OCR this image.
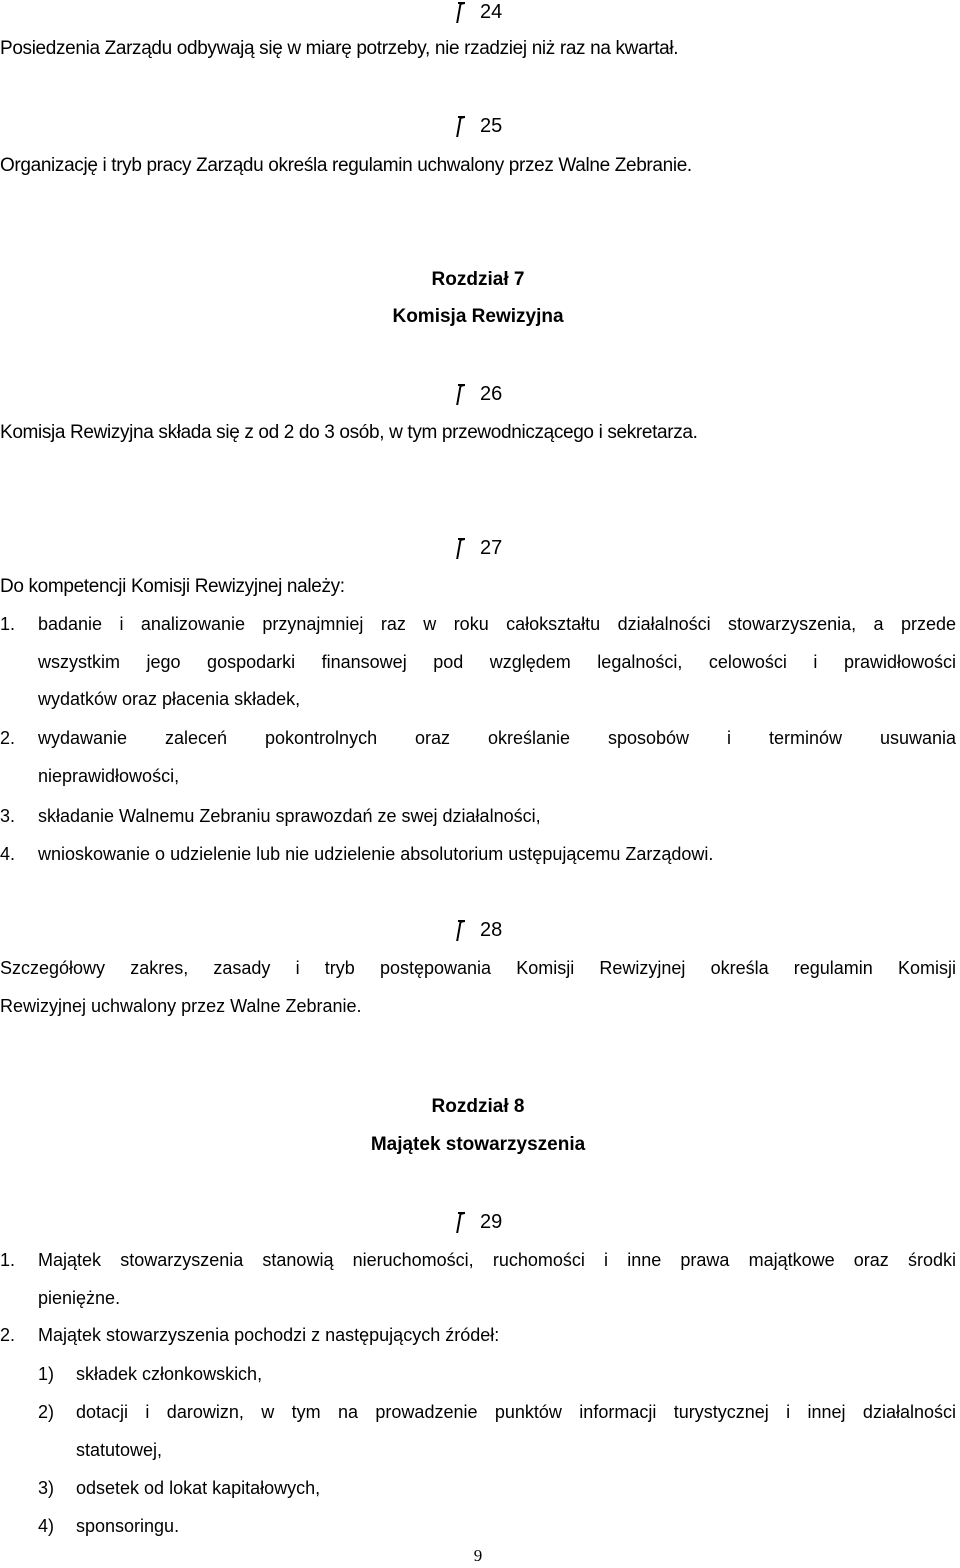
24
Posiedzenia Zarządu odbywają się w miarę potrzeby, nie rzadziej niż raz na kwartał.
25
Organizację i tryb pracy Zarządu określa regulamin uchwalony przez Walne Zebranie.
Rozdział 7
Komisja Rewizyjna
26
Komisja Rewizyjna składa się z od 2 do 3 osób, w tym przewodniczącego i sekretarza.
27
Do kompetencji Komisji Rewizyjnej należy:
1. badanie i analizowanie przynajmniej raz w roku całokształtu działalności stowarzyszenia, a przede
wszystkim jego gospodarki finansowej pod względem legalności, celowości i prawidłowości
wydatków oraz płacenia składek,
2. wydawanie zaleceń pokontrolnych oraz określanie sposobów i terminów usuwania
nieprawidłowości,
3. składanie Walnemu Zebraniu sprawozdań ze swej działalności,
4. wnioskowanie o udzielenie lub nie udzielenie absolutorium ustępującemu Zarządowi.
28
Szczegółowy zakres, zasady i tryb postępowania Komisji Rewizyjnej określa regulamin Komisji
Rewizyjnej uchwalony przez Walne Zebranie.
Rozdział 8
Majątek stowarzyszenia
29
1. Majątek stowarzyszenia stanowią nieruchomości, ruchomości i inne prawa majątkowe oraz środki
pieniężne.
2. Majątek stowarzyszenia pochodzi z następujących źródeł:
1) składek członkowskich,
2) dotacji i darowizn, w tym na prowadzenie punktów informacji turystycznej i innej działalności
statutowej,
3) odsetek od lokat kapitałowych,
4) sponsoringu.
9
